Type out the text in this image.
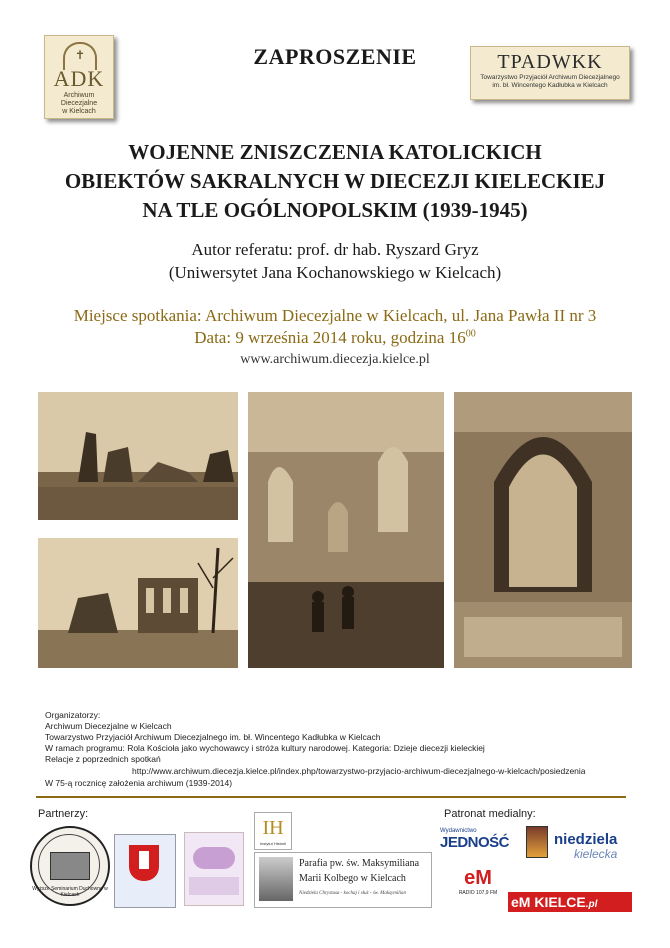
✝
ADK
Archiwum Diecezjalne
w Kielcach
ZAPROSZENIE	TPADWKK
Towarzystwo Przyjaciół Archiwum Diecezjalnego
im. bł. Wincentego Kadłubka w Kielcach
WOJENNE ZNISZCZENIA KATOLICKICH
OBIEKTÓW SAKRALNYCH W DIECEZJI KIELECKIEJ
NA TLE OGÓLNOPOLSKIM (1939-1945)
Autor referatu: prof. dr hab. Ryszard Gryz
(Uniwersytet Jana Kochanowskiego w Kielcach)
Miejsce spotkania: Archiwum Diecezjalne w Kielcach, ul. Jana Pawła II nr 3
Data: 9 września 2014 roku, godzina $16^{00}$
www.archiwum.diecezja.kielce.pl
Organizatorzy:
Archiwum Diecezjalne w Kielcach
Towarzystwo Przyjaciół Archiwum Diecezjalnego im. bł. Wincentego Kadłubka w Kielcach
W ramach programu: Rola Kościoła jako wychowawcy i stróża kultury narodowej. Kategoria: Dzieje diecezji kieleckiej
Relacje z poprzednich spotkań
http://www.archiwum.diecezja.kielce.pl/index.php/towarzystwo-przyjacio-archiwum-diecezjalnego-w-kielcach/posiedzenia
W 75-ą rocznicę założenia archiwum (1939-2014)
Partnerzy:
Wyższe Seminarium Duchowne w Kielcach
IH
Instytut Historii
Parafia pw. św. Maksymiliana
Marii Kolbego w Kielcach
Niedziela Chrystusa - kochaj i służ - św. Maksymilian
Patronat medialny:
Wydawnictwo
JEDNOŚĆ	niedziela
kielecka
eM
RADIO 107,9 FM
eM KIELCE.pl
